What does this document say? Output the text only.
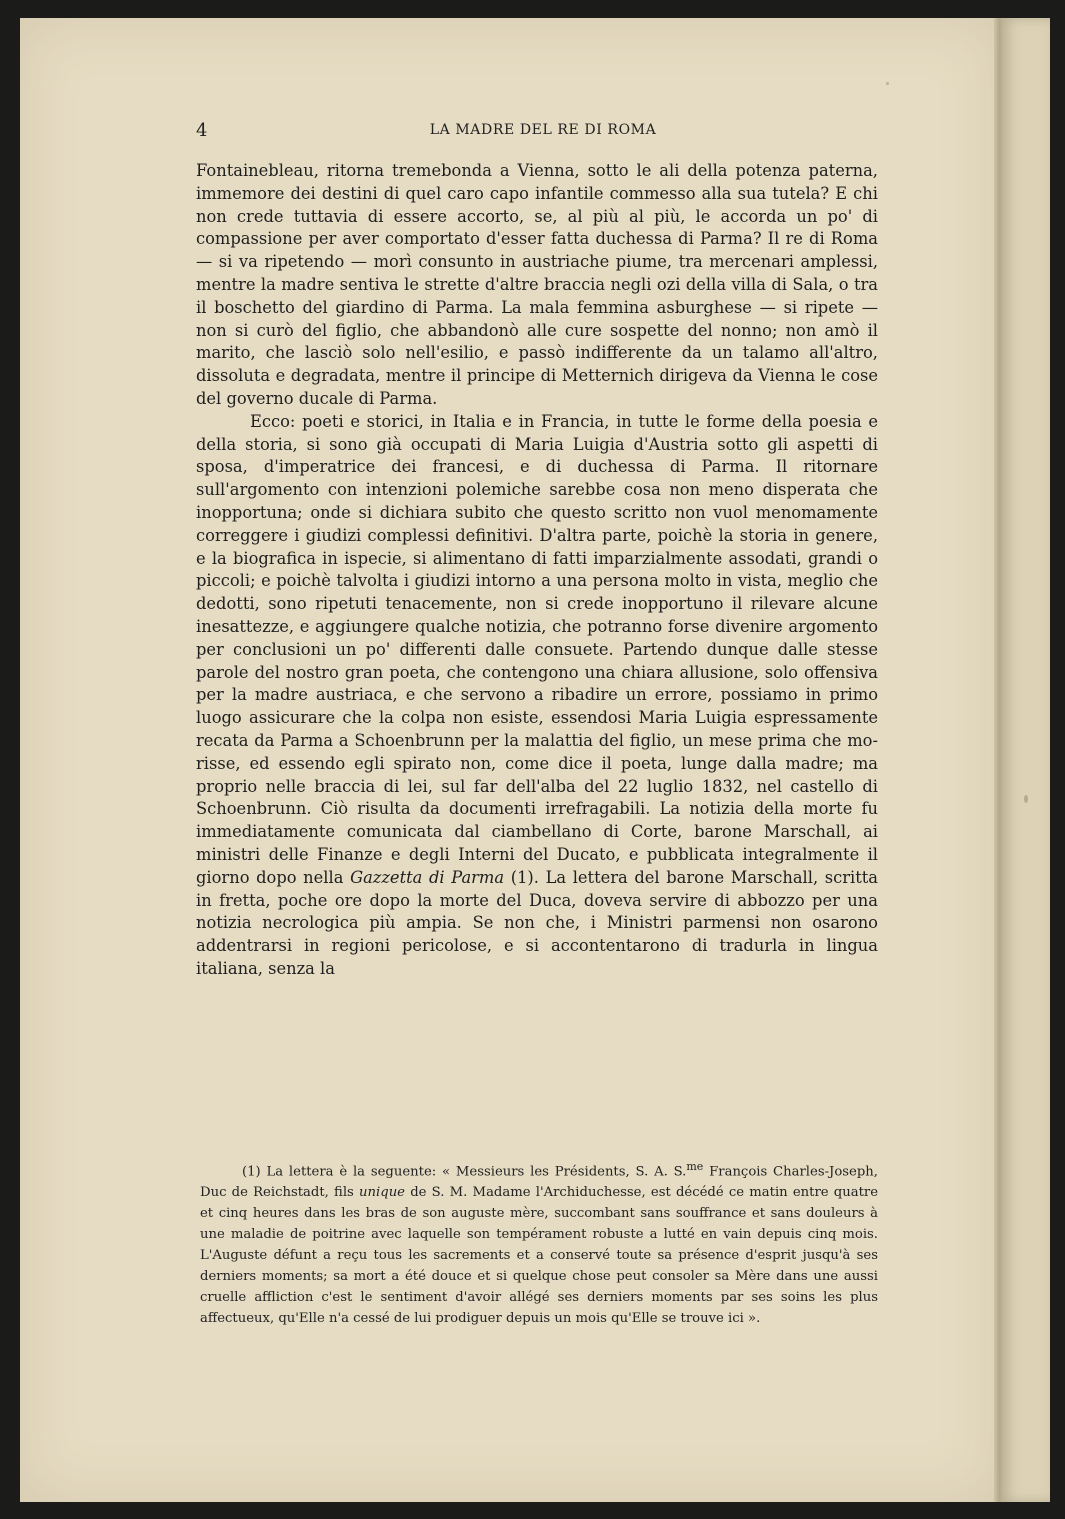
4	LA MADRE DEL RE DI ROMA

Fontainebleau, ritorna tremebonda a Vienna, sotto le ali della potenza paterna, immemore dei destini di quel caro capo infantile commesso alla sua tutela? E chi non crede tuttavia di essere accorto, se, al più al più, le accorda un po' di compassione per aver comportato d'esser fatta duchessa di Parma? Il re di Roma — si va ripetendo — morì consunto in austriache piume, tra mercenari amplessi, mentre la madre sentiva le strette d'altre braccia negli ozi della villa di Sala, o tra il boschetto del giardino di Parma. La mala femmina asburghese — si ripete — non si curò del figlio, che abbandonò alle cure sospette del nonno; non amò il marito, che lasciò solo nell'esilio, e passò indifferente da un talamo all'altro, dissoluta e degradata, mentre il principe di Metternich dirigeva da Vienna le cose del governo ducale di Parma.

Ecco: poeti e storici, in Italia e in Francia, in tutte le forme della poesia e della storia, si sono già occupati di Maria Luigia d'Austria sotto gli aspetti di sposa, d'imperatrice dei francesi, e di duchessa di Parma. Il ritornare sull'argomento con intenzioni polemiche sarebbe cosa non meno disperata che inopportuna; onde si dichiara subito che questo scritto non vuol menomamente correggere i giudizi complessi definitivi. D'altra parte, poichè la storia in genere, e la biografica in ispecie, si alimentano di fatti imparzialmente assodati, grandi o piccoli; e poichè talvolta i giudizi intorno a una persona molto in vista, meglio che dedotti, sono ripetuti tenacemente, non si crede inopportuno il rilevare alcune inesattezze, e aggiungere qualche notizia, che potranno forse divenire argomento per conclusioni un po' differenti dalle consuete. Partendo dunque dalle stesse parole del nostro gran poeta, che contengono una chiara allusione, solo offensiva per la madre austriaca, e che servono a ribadire un errore, possiamo in primo luogo assicurare che la colpa non esiste, essendosi Maria Luigia espressamente recata da Parma a Schoenbrunn per la malattia del figlio, un mese prima che morisse, ed essendo egli spirato non, come dice il poeta, lunge dalla madre; ma proprio nelle braccia di lei, sul far dell'alba del 22 luglio 1832, nel castello di Schoenbrunn. Ciò risulta da documenti irrefragabili. La notizia della morte fu immediatamente comunicata dal ciambellano di Corte, barone Marschall, ai ministri delle Finanze e degli Interni del Ducato, e pubblicata integralmente il giorno dopo nella Gazzetta di Parma (1). La lettera del barone Marschall, scritta in fretta, poche ore dopo la morte del Duca, doveva servire di abbozzo per una notizia necrologica più ampia. Se non che, i Ministri parmensi non osarono addentrarsi in regioni pericolose, e si accontentarono di tradurla in lingua italiana, senza la

(1) La lettera è la seguente: « Messieurs les Présidents, S. A. S.$^{me}$ François Charles-Joseph, Duc de Reichstadt, fils unique de S. M. Madame l'Archiduchesse, est décédé ce matin entre quatre et cinq heures dans les bras de son auguste mère, succombant sans souffrance et sans douleurs à une maladie de poitrine avec laquelle son tempérament robuste a lutté en vain depuis cinq mois. L'Auguste défunt a reçu tous les sacrements et a conservé toute sa présence d'esprit jusqu'à ses derniers moments; sa mort a été douce et si quelque chose peut consoler sa Mère dans une aussi cruelle affliction c'est le sentiment d'avoir allégé ses derniers moments par ses soins les plus affectueux, qu'Elle n'a cessé de lui prodiguer depuis un mois qu'Elle se trouve ici ».
